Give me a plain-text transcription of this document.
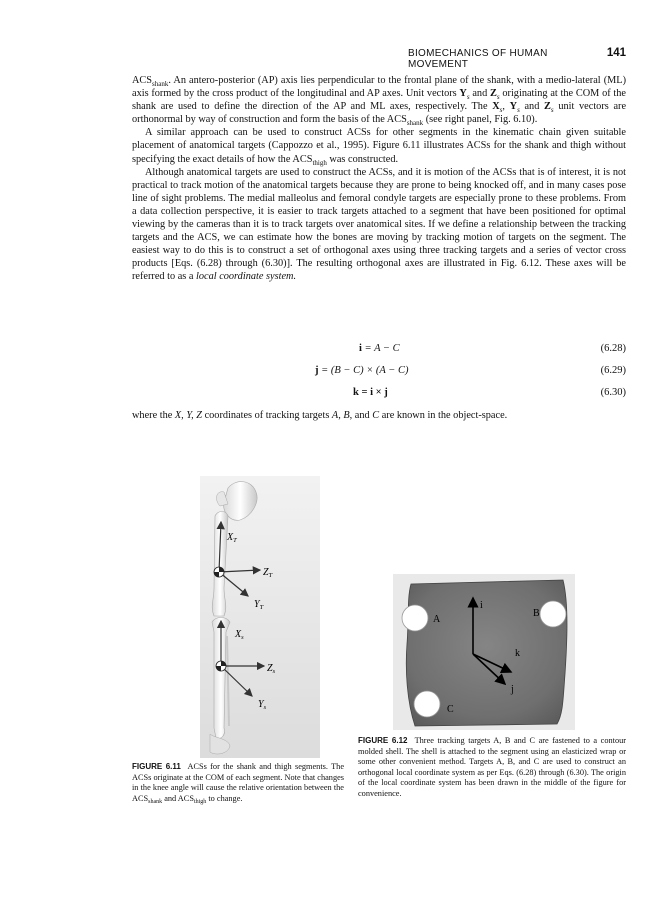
BIOMECHANICS OF HUMAN MOVEMENT
141

$ACS_{shank}$. An antero-posterior (AP) axis lies perpendicular to the frontal plane of the shank, with a medio-lateral (ML) axis formed by the cross product of the longitudinal and AP axes. Unit vectors $Y_s$ and $Z_s$ originating at the COM of the shank are used to define the direction of the AP and ML axes, respectively. The $X_s$, $Y_s$ and $Z_s$ unit vectors are orthonormal by way of construction and form the basis of the $ACS_{shank}$ (see right panel, Fig. 6.10).

A similar approach can be used to construct ACSs for other segments in the kinematic chain given suitable placement of anatomical targets (Cappozzo et al., 1995). Figure 6.11 illustrates ACSs for the shank and thigh without specifying the exact details of how the $ACS_{thigh}$ was constructed.

Although anatomical targets are used to construct the ACSs, and it is motion of the ACSs that is of interest, it is not practical to track motion of the anatomical targets because they are prone to being knocked off, and in many cases pose line of sight problems. The medial malleolus and femoral condyle targets are especially prone to these problems. From a data collection perspective, it is easier to track targets attached to a segment that have been positioned for optimal viewing by the cameras than it is to track targets over anatomical sites. If we define a relationship between the tracking targets and the ACS, we can estimate how the bones are moving by tracking motion of targets on the segment. The easiest way to do this is to construct a set of orthogonal axes using three tracking targets and a series of vector cross products [Eqs. (6.28) through (6.30)]. The resulting orthogonal axes are illustrated in Fig. 6.12. These axes will be referred to as a local coordinate system.

i = A − C	(6.28)
j = (B − C) × (A − C)	(6.29)
k = i × j	(6.30)
where the X, Y, Z coordinates of tracking targets A, B, and C are known in the object-space.
$X_T$
$Z_T$
$Y_T$
$X_s$
$Z_s$
$Y_s$
A
B
C
i
k
j
FIGURE 6.11 ACSs for the shank and thigh segments. The ACSs originate at the COM of each segment. Note that changes in the knee angle will cause the relative orientation between the $ACS_{shank}$ and $ACS_{thigh}$ to change.
FIGURE 6.12 Three tracking targets A, B and C are fastened to a contour molded shell. The shell is attached to the segment using an elasticized wrap or some other convenient method. Targets A, B, and C are used to construct an orthogonal local coordinate system as per Eqs. (6.28) through (6.30). The origin of the local coordinate system has been drawn in the middle of the figure for convenience.
